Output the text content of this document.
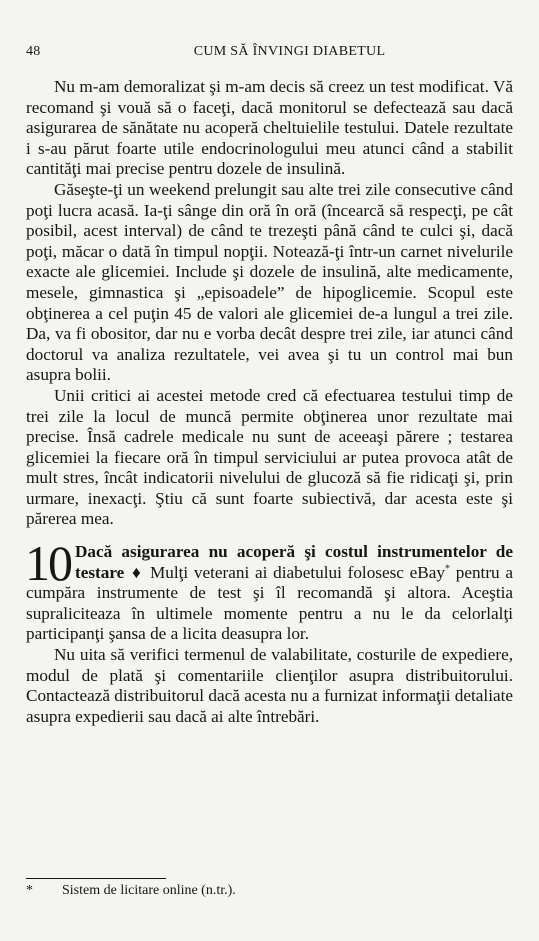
48	CUM SĂ ÎNVINGI DIABETUL

Nu m-am demoralizat şi m-am decis să creez un test modificat. Vă recomand şi vouă să o faceţi, dacă monitorul se defectează sau dacă asigurarea de sănătate nu acoperă cheltuielile testului. Datele rezultate i s-au părut foarte utile endocrinologului meu atunci când a stabilit cantităţi mai precise pentru dozele de insulină.

Găseşte-ţi un weekend prelungit sau alte trei zile consecutive când poţi lucra acasă. Ia-ţi sânge din oră în oră (încearcă să respecţi, pe cât posibil, acest interval) de când te trezeşti până când te culci şi, dacă poţi, măcar o dată în timpul nopţii. Notează-ţi într-un carnet nivelurile exacte ale glicemiei. Include şi dozele de insulină, alte medicamente, mesele, gimnastica şi „episoadele” de hipoglicemie. Scopul este obţinerea a cel puţin 45 de valori ale glicemiei de-a lungul a trei zile. Da, va fi obositor, dar nu e vorba decât despre trei zile, iar atunci când doctorul va analiza rezultatele, vei avea şi tu un control mai bun asupra bolii.

Unii critici ai acestei metode cred că efectuarea testului timp de trei zile la locul de muncă permite obţinerea unor rezultate mai precise. Însă cadrele medicale nu sunt de aceeaşi părere ; testarea glicemiei la fiecare oră în timpul serviciului ar putea provoca atât de mult stres, încât indicatorii nivelului de glucoză să fie ridicaţi şi, prin urmare, inexacţi. Ştiu că sunt foarte subiectivă, dar acesta este şi părerea mea.

10 Dacă asigurarea nu acoperă şi costul instrumentelor de testare ♦ Mulţi veterani ai diabetului folosesc eBay* pentru a cumpăra instrumente de test şi îl recomandă şi altora. Aceştia supraliciteaza în ultimele momente pentru a nu le da celorlalţi participanţi şansa de a licita deasupra lor.

Nu uita să verifici termenul de valabilitate, costurile de expediere, modul de plată şi comentariile clienţilor asupra distribuitorului. Contactează distribuitorul dacă acesta nu a furnizat informaţii detaliate asupra expedierii sau dacă ai alte întrebări.

* Sistem de licitare online (n.tr.).
